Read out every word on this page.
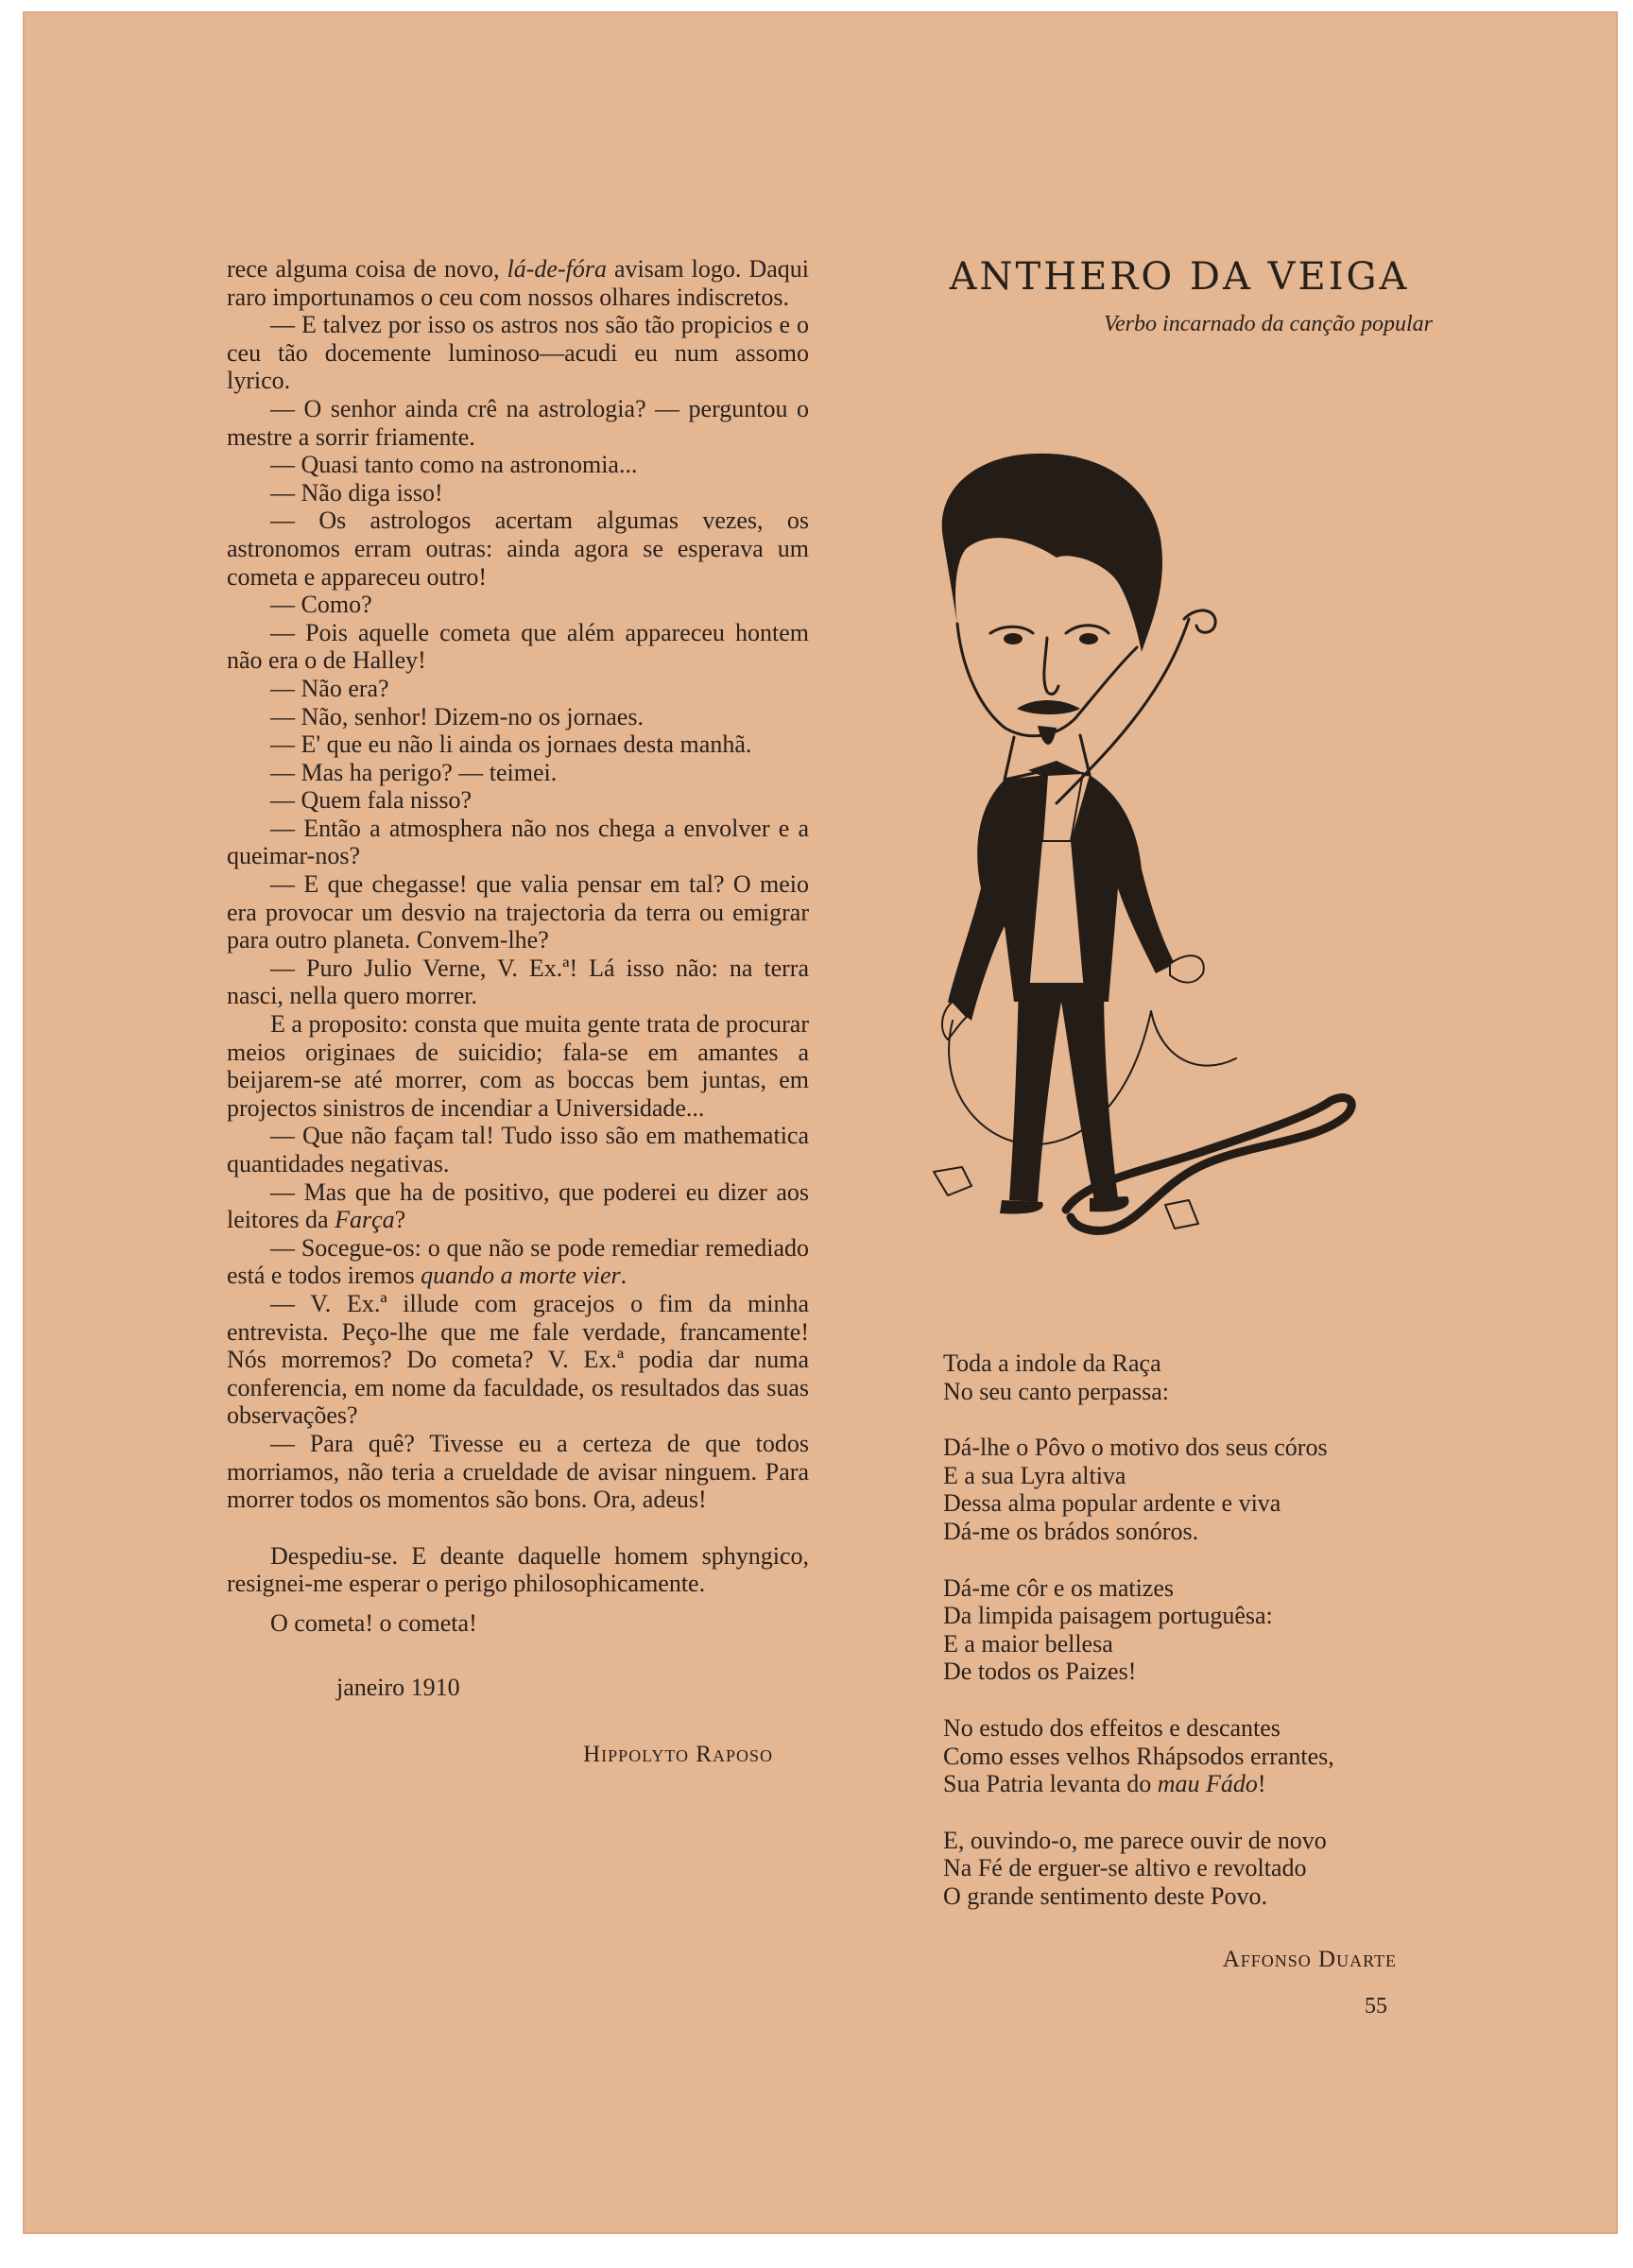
rece alguma coisa de novo, lá-de-fóra avisam logo. Daqui raro importunamos o ceu com nossos olhares indiscretos.

— E talvez por isso os astros nos são tão propicios e o ceu tão docemente luminoso—acudi eu num assomo lyrico.

— O senhor ainda crê na astrologia? — perguntou o mestre a sorrir friamente.

— Quasi tanto como na astronomia...

— Não diga isso!

— Os astrologos acertam algumas vezes, os astronomos erram outras: ainda agora se esperava um cometa e appareceu outro!

— Como?

— Pois aquelle cometa que além appareceu hontem não era o de Halley!

— Não era?

— Não, senhor! Dizem-no os jornaes.

— E' que eu não li ainda os jornaes desta manhã.

— Mas ha perigo? — teimei.

— Quem fala nisso?

— Então a atmosphera não nos chega a envolver e a queimar-nos?

— E que chegasse! que valia pensar em tal? O meio era provocar um desvio na trajectoria da terra ou emigrar para outro planeta. Convem-lhe?

— Puro Julio Verne, V. Ex.ª! Lá isso não: na terra nasci, nella quero morrer.

E a proposito: consta que muita gente trata de procurar meios originaes de suicidio; fala-se em amantes a beijarem-se até morrer, com as boccas bem juntas, em projectos sinistros de incendiar a Universidade...

— Que não façam tal! Tudo isso são em mathematica quantidades negativas.

— Mas que ha de positivo, que poderei eu dizer aos leitores da Farça?

— Socegue-os: o que não se pode remediar remediado está e todos iremos quando a morte vier.

— V. Ex.ª illude com gracejos o fim da minha entrevista. Peço-lhe que me fale verdade, francamente! Nós morremos? Do cometa? V. Ex.ª podia dar numa conferencia, em nome da faculdade, os resultados das suas observações?

— Para quê? Tivesse eu a certeza de que todos morriamos, não teria a crueldade de avisar ninguem. Para morrer todos os momentos são bons. Ora, adeus!

Despediu-se. E deante daquelle homem sphyngico, resignei-me esperar o perigo philosophicamente.

O cometa! o cometa!

janeiro 1910

Hippolyto Raposo

ANTHERO DA VEIGA
Verbo incarnado da canção popular
Toda a indole da Raça
No seu canto perpassa:
Dá-lhe o Pôvo o motivo dos seus córos
E a sua Lyra altiva
Dessa alma popular ardente e viva
Dá-me os brádos sonóros.
Dá-me côr e os matizes
Da limpida paisagem portuguêsa:
E a maior bellesa
De todos os Paizes!
No estudo dos effeitos e descantes
Como esses velhos Rhápsodos errantes,
Sua Patria levanta do mau Fádo!
E, ouvindo-o, me parece ouvir de novo
Na Fé de erguer-se altivo e revoltado
O grande sentimento deste Povo.
Affonso Duarte
55
